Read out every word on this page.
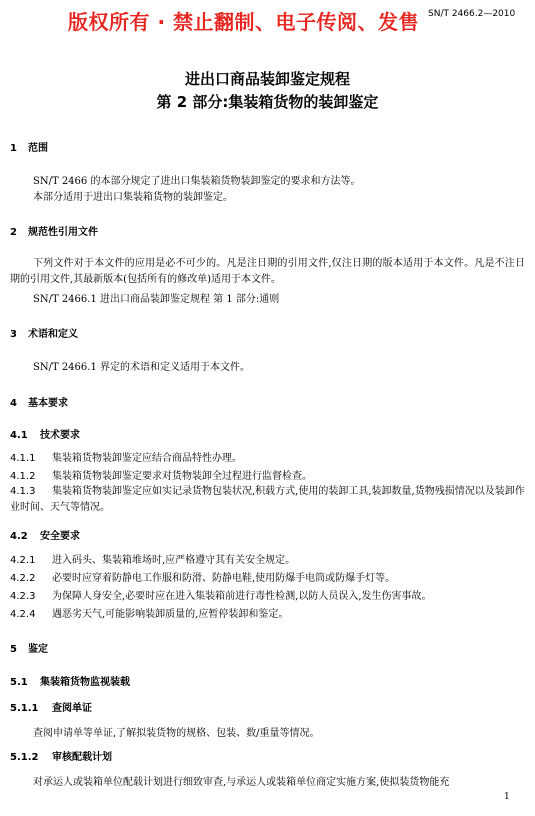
版权所有 · 禁止翻制、电子传阅、发售 SN/T 2466.2—2010
进出口商品装卸鉴定规程
第 2 部分:集装箱货物的装卸鉴定
1 范围
SN/T 2466 的本部分规定了进出口集装箱货物装卸鉴定的要求和方法等。
本部分适用于进出口集装箱货物的装卸鉴定。
2 规范性引用文件
下列文件对于本文件的应用是必不可少的。凡是注日期的引用文件,仅注日期的版本适用于本文件。凡是不注日期的引用文件,其最新版本(包括所有的修改单)适用于本文件。
SN/T 2466.1 进出口商品装卸鉴定规程 第 1 部分:通则
3 术语和定义
SN/T 2466.1 界定的术语和定义适用于本文件。
4 基本要求
4.1 技术要求
4.1.1 集装箱货物装卸鉴定应结合商品特性办理。
4.1.2 集装箱货物装卸鉴定要求对货物装卸全过程进行监督检查。
4.1.3 集装箱货物装卸鉴定应如实记录货物包装状况,积载方式,使用的装卸工具,装卸数量,货物残损情况以及装卸作业时间、天气等情况。
4.2 安全要求
4.2.1 进入码头、集装箱堆场时,应严格遵守其有关安全规定。
4.2.2 必要时应穿着防静电工作服和防滑、防静电鞋,使用防爆手电筒或防爆手灯等。
4.2.3 为保障人身安全,必要时应在进入集装箱前进行毒性检测,以防人员误入,发生伤害事故。
4.2.4 遇恶劣天气,可能影响装卸质量的,应暂停装卸和鉴定。
5 鉴定
5.1 集装箱货物监视装载
5.1.1 查阅单证
查阅申请单等单证,了解拟装货物的规格、包装、数/重量等情况。
5.1.2 审核配载计划
对承运人或装箱单位配载计划进行细致审查,与承运人或装箱单位商定实施方案,使拟装货物能充
1
